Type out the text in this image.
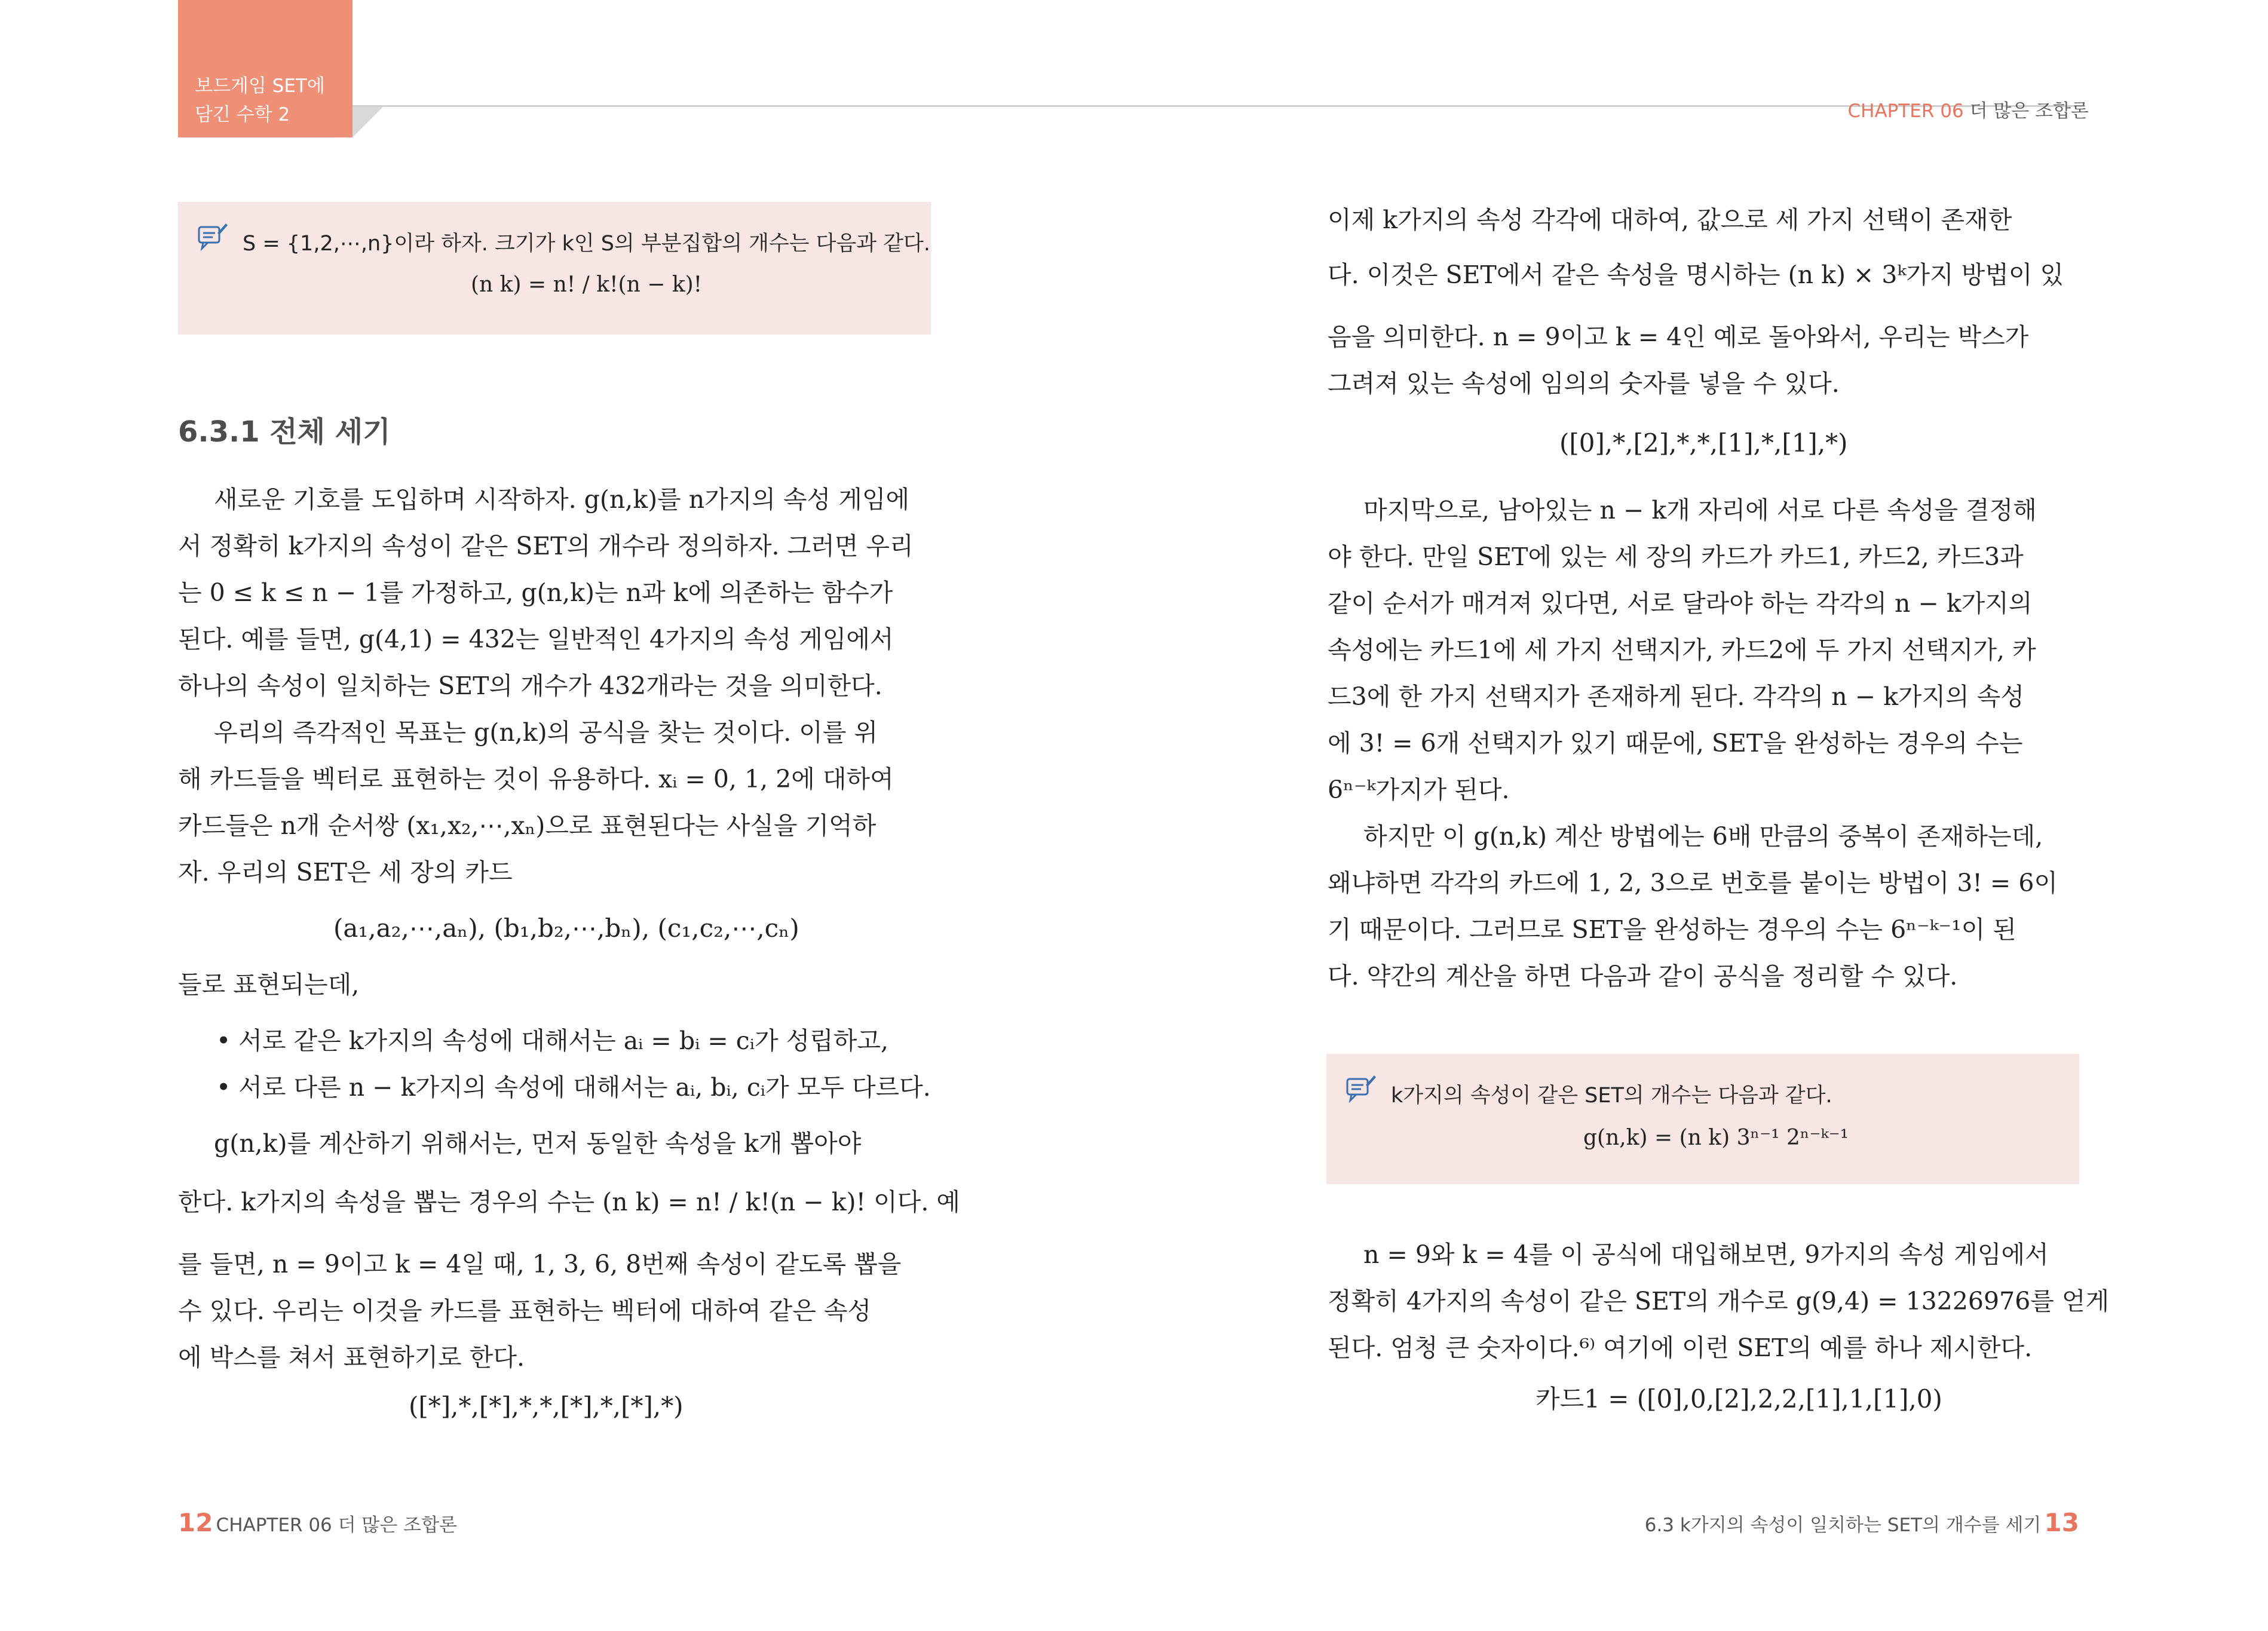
보드게임 SET에
담긴 수학 2	CHAPTER 06 더 많은 조합론
S = {1,2,⋯,n}이라 하자. 크기가 k인 S의 부분집합의 개수는 다음과 같다.
(n k) = n! / k!(n − k)!
6.3.1 전체 세기
새로운 기호를 도입하며 시작하자. g(n,k)를 n가지의 속성 게임에
서 정확히 k가지의 속성이 같은 SET의 개수라 정의하자. 그러면 우리
는 0 ≤ k ≤ n − 1를 가정하고, g(n,k)는 n과 k에 의존하는 함수가
된다. 예를 들면, g(4,1) = 432는 일반적인 4가지의 속성 게임에서
하나의 속성이 일치하는 SET의 개수가 432개라는 것을 의미한다.
우리의 즉각적인 목표는 g(n,k)의 공식을 찾는 것이다. 이를 위
해 카드들을 벡터로 표현하는 것이 유용하다. xᵢ = 0, 1, 2에 대하여
카드들은 n개 순서쌍 (x₁,x₂,⋯,xₙ)으로 표현된다는 사실을 기억하
자. 우리의 SET은 세 장의 카드
(a₁,a₂,⋯,aₙ), (b₁,b₂,⋯,bₙ), (c₁,c₂,⋯,cₙ)
들로 표현되는데,
• 서로 같은 k가지의 속성에 대해서는 aᵢ = bᵢ = cᵢ가 성립하고,
• 서로 다른 n − k가지의 속성에 대해서는 aᵢ, bᵢ, cᵢ가 모두 다르다.
g(n,k)를 계산하기 위해서는, 먼저 동일한 속성을 k개 뽑아야
한다. k가지의 속성을 뽑는 경우의 수는 (n k) = n! / k!(n − k)! 이다. 예
를 들면, n = 9이고 k = 4일 때, 1, 3, 6, 8번째 속성이 같도록 뽑을
수 있다. 우리는 이것을 카드를 표현하는 벡터에 대하여 같은 속성
에 박스를 쳐서 표현하기로 한다.
([*],*,[*],*,*,[*],*,[*],*)
이제 k가지의 속성 각각에 대하여, 값으로 세 가지 선택이 존재한
다. 이것은 SET에서 같은 속성을 명시하는 (n k) × 3ᵏ가지 방법이 있
음을 의미한다. n = 9이고 k = 4인 예로 돌아와서, 우리는 박스가
그려져 있는 속성에 임의의 숫자를 넣을 수 있다.
([0],*,[2],*,*,[1],*,[1],*)
마지막으로, 남아있는 n − k개 자리에 서로 다른 속성을 결정해
야 한다. 만일 SET에 있는 세 장의 카드가 카드1, 카드2, 카드3과
같이 순서가 매겨져 있다면, 서로 달라야 하는 각각의 n − k가지의
속성에는 카드1에 세 가지 선택지가, 카드2에 두 가지 선택지가, 카
드3에 한 가지 선택지가 존재하게 된다. 각각의 n − k가지의 속성
에 3! = 6개 선택지가 있기 때문에, SET을 완성하는 경우의 수는
6ⁿ⁻ᵏ가지가 된다.
하지만 이 g(n,k) 계산 방법에는 6배 만큼의 중복이 존재하는데,
왜냐하면 각각의 카드에 1, 2, 3으로 번호를 붙이는 방법이 3! = 6이
기 때문이다. 그러므로 SET을 완성하는 경우의 수는 6ⁿ⁻ᵏ⁻¹이 된
다. 약간의 계산을 하면 다음과 같이 공식을 정리할 수 있다.
k가지의 속성이 같은 SET의 개수는 다음과 같다.
g(n,k) = (n k) 3ⁿ⁻¹ 2ⁿ⁻ᵏ⁻¹
n = 9와 k = 4를 이 공식에 대입해보면, 9가지의 속성 게임에서
정확히 4가지의 속성이 같은 SET의 개수로 g(9,4) = 13226976를 얻게
된다. 엄청 큰 숫자이다.⁶⁾ 여기에 이런 SET의 예를 하나 제시한다.
카드1 = ([0],0,[2],2,2,[1],1,[1],0)
12 CHAPTER 06 더 많은 조합론	6.3 k가지의 속성이 일치하는 SET의 개수를 세기 13
